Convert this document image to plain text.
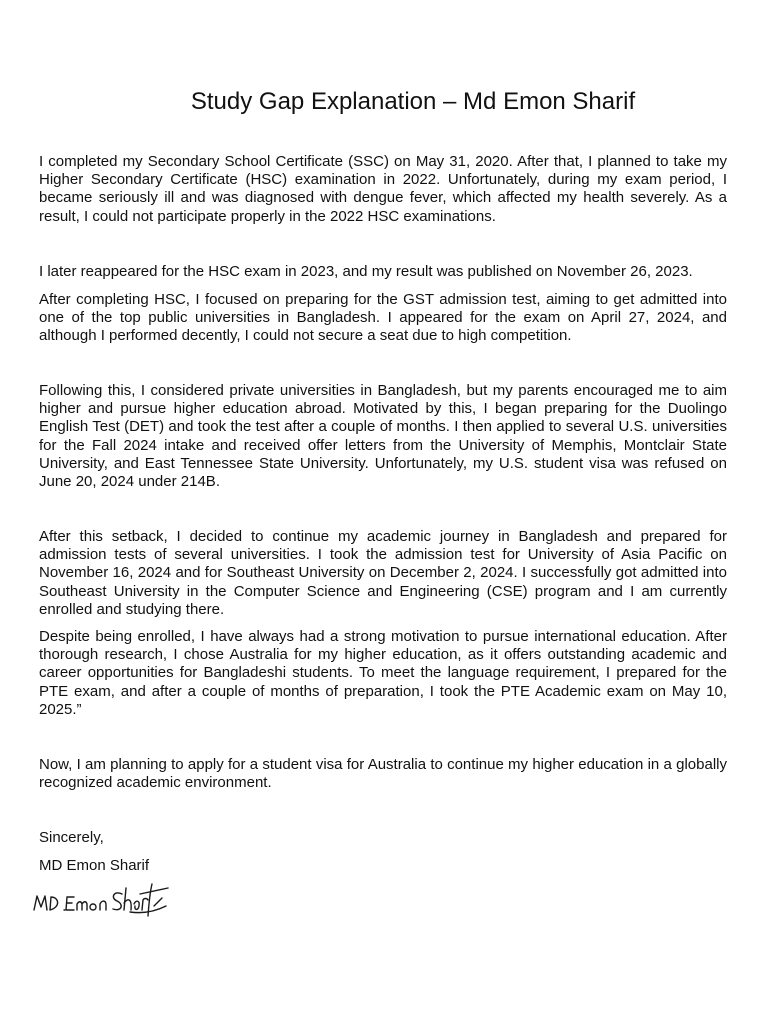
Study Gap Explanation – Md Emon Sharif

I completed my Secondary School Certificate (SSC) on May 31, 2020. After that, I planned to take my Higher Secondary Certificate (HSC) examination in 2022. Unfortunately, during my exam period, I became seriously ill and was diagnosed with dengue fever, which affected my health severely. As a result, I could not participate properly in the 2022 HSC examinations.

I later reappeared for the HSC exam in 2023, and my result was published on November 26, 2023.

After completing HSC, I focused on preparing for the GST admission test, aiming to get admitted into one of the top public universities in Bangladesh. I appeared for the exam on April 27, 2024, and although I performed decently, I could not secure a seat due to high competition.

Following this, I considered private universities in Bangladesh, but my parents encouraged me to aim higher and pursue higher education abroad. Motivated by this, I began preparing for the Duolingo English Test (DET) and took the test after a couple of months. I then applied to several U.S. universities for the Fall 2024 intake and received offer letters from the University of Memphis, Montclair State University, and East Tennessee State University. Unfortunately, my U.S. student visa was refused on June 20, 2024 under 214B.

After this setback, I decided to continue my academic journey in Bangladesh and prepared for admission tests of several universities. I took the admission test for University of Asia Pacific on November 16, 2024 and for Southeast University on December 2, 2024. I successfully got admitted into Southeast University in the Computer Science and Engineering (CSE) program and I am currently enrolled and studying there.

Despite being enrolled, I have always had a strong motivation to pursue international education. After thorough research, I chose Australia for my higher education, as it offers outstanding academic and career opportunities for Bangladeshi students. To meet the language requirement, I prepared for the PTE exam, and after a couple of months of preparation, I took the PTE Academic exam on May 10, 2025.”

Now, I am planning to apply for a student visa for Australia to continue my higher education in a globally recognized academic environment.

Sincerely,

MD Emon Sharif
